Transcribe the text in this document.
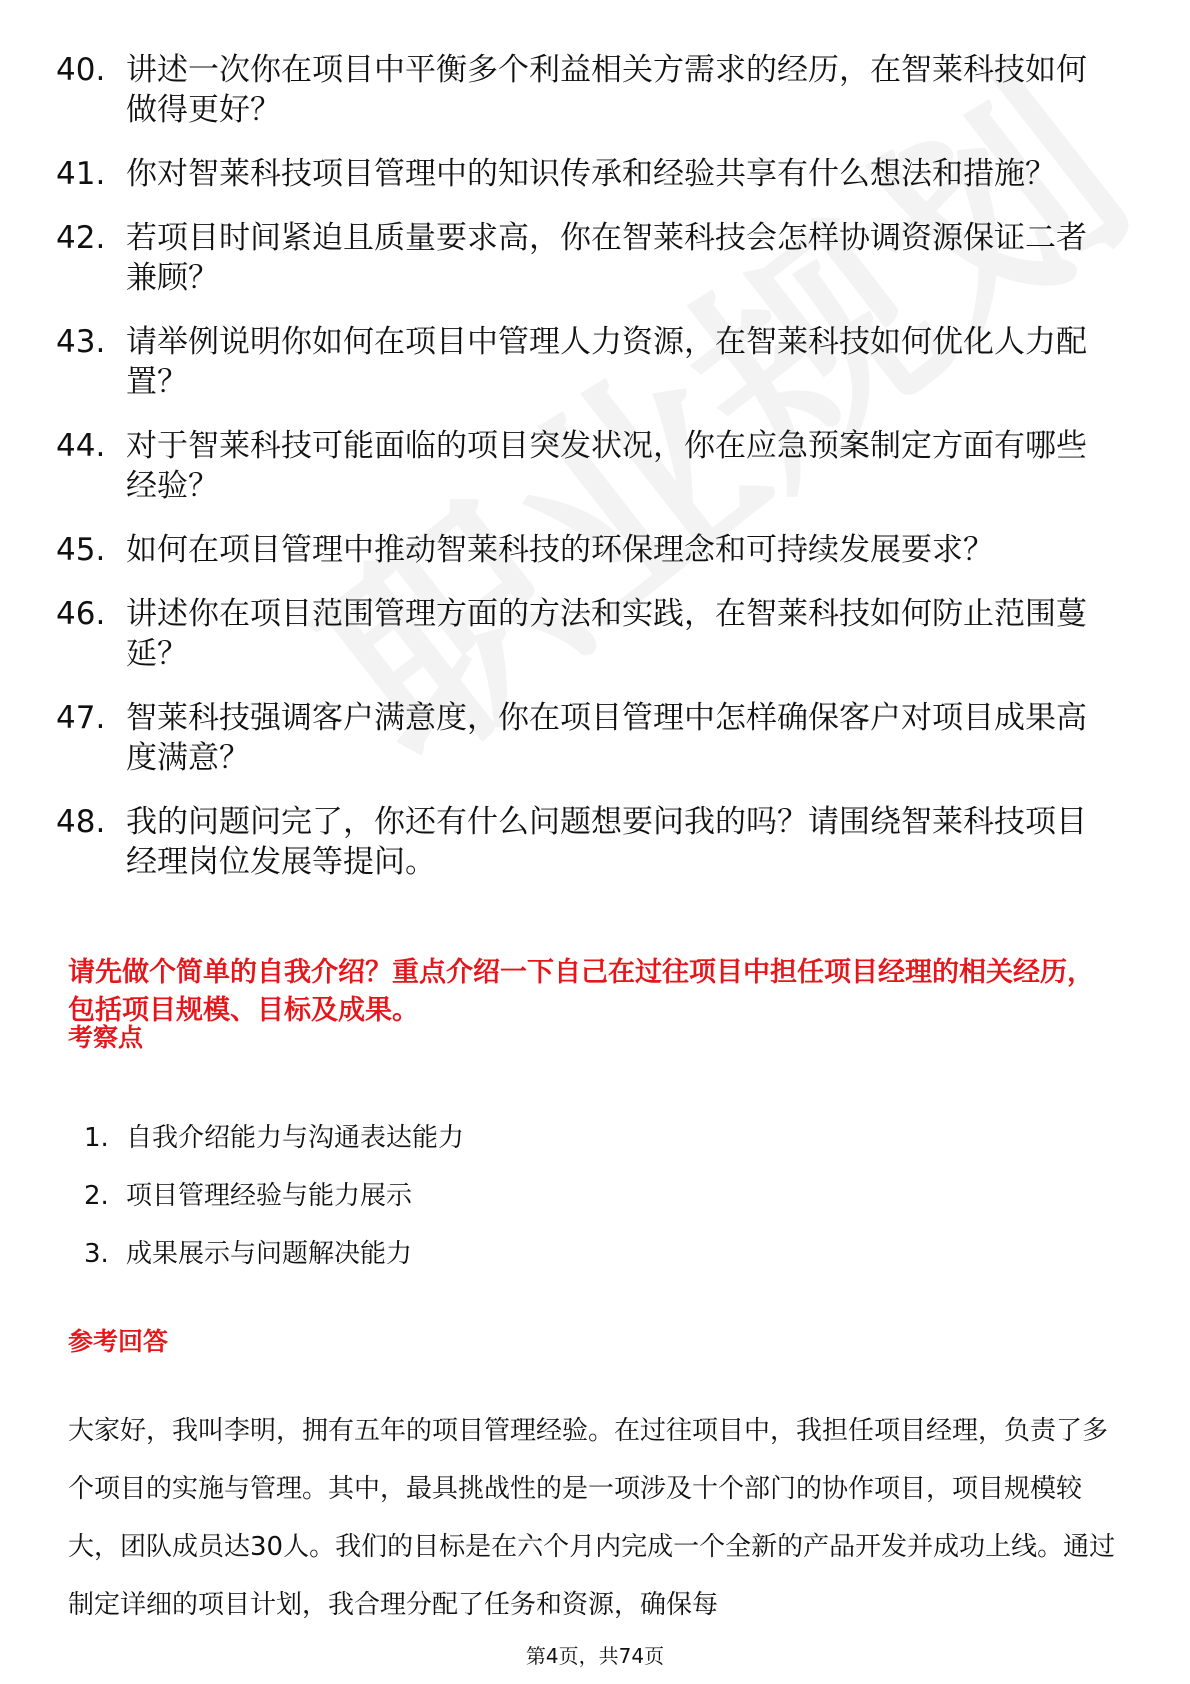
40. 讲述一次你在项目中平衡多个利益相关方需求的经历，在智莱科技如何做得更好？
41. 你对智莱科技项目管理中的知识传承和经验共享有什么想法和措施？
42. 若项目时间紧迫且质量要求高，你在智莱科技会怎样协调资源保证二者兼顾？
43. 请举例说明你如何在项目中管理人力资源，在智莱科技如何优化人力配置？
44. 对于智莱科技可能面临的项目突发状况，你在应急预案制定方面有哪些经验？
45. 如何在项目管理中推动智莱科技的环保理念和可持续发展要求？
46. 讲述你在项目范围管理方面的方法和实践，在智莱科技如何防止范围蔓延？
47. 智莱科技强调客户满意度，你在项目管理中怎样确保客户对项目成果高度满意？
48. 我的问题问完了，你还有什么问题想要问我的吗？请围绕智莱科技项目经理岗位发展等提问。

请先做个简单的自我介绍？重点介绍一下自己在过往项目中担任项目经理的相关经历，包括项目规模、目标及成果。

考察点
1. 自我介绍能力与沟通表达能力
2. 项目管理经验与能力展示
3. 成果展示与问题解决能力
参考回答

大家好，我叫李明，拥有五年的项目管理经验。在过往项目中，我担任项目经理，负责了多个项目的实施与管理。其中，最具挑战性的是一项涉及十个部门的协作项目，项目规模较大，团队成员达30人。我们的目标是在六个月内完成一个全新的产品开发并成功上线。通过制定详细的项目计划，我合理分配了任务和资源，确保每

第4页，共74页
